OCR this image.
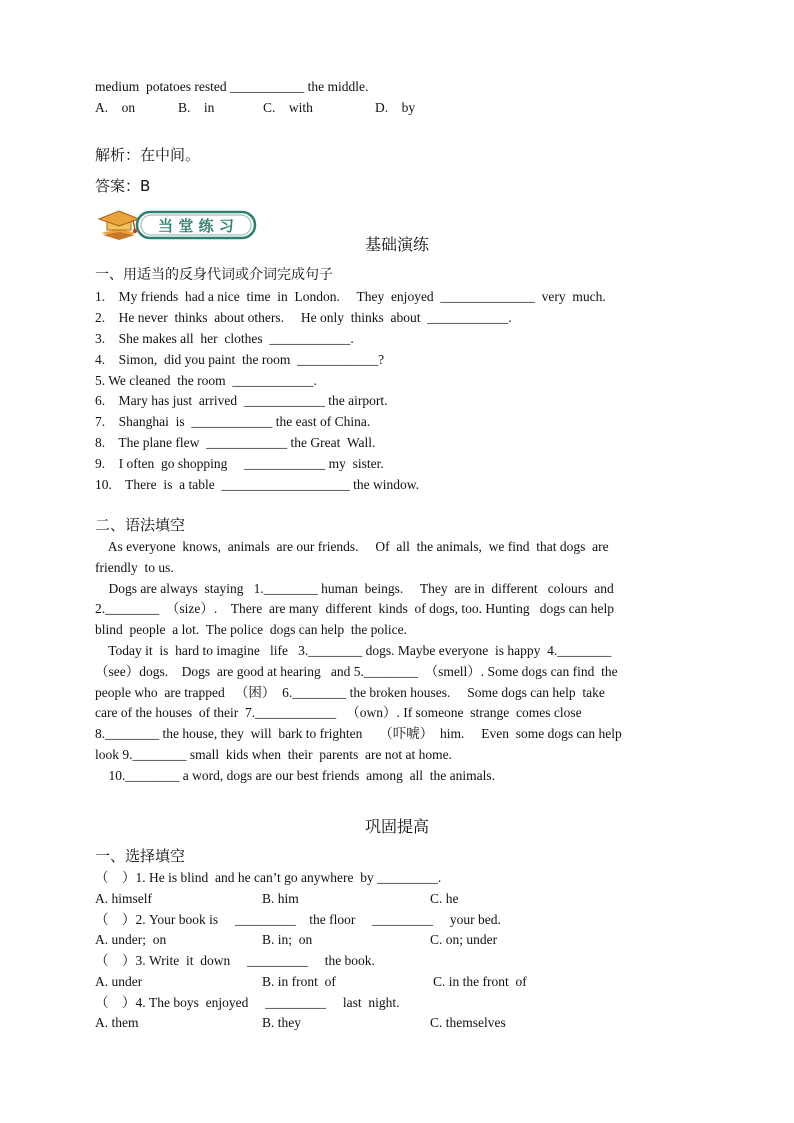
medium  potatoes rested ___________ the middle.
A.    on	B.    in	C.    with	D.    by
解析：在中间。
答案：B
当 堂 练 习
基础演练
一、用适当的反身代词或介词完成句子
1.    My friends  had a nice  time  in  London.     They  enjoyed  ______________  very  much.
2.    He never  thinks  about others.     He only  thinks  about  ____________.
3.    She makes all  her  clothes  ____________.
4.    Simon,  did you paint  the room  ____________?
5. We cleaned  the room  ____________.
6.    Mary has just  arrived  ____________ the airport.
7.    Shanghai  is  ____________ the east of China.
8.    The plane flew  ____________ the Great  Wall.
9.    I often  go shopping     ____________ my  sister.
10.    There  is  a table  ___________________ the window.
二、语法填空
As everyone  knows,  animals  are our friends.     Of  all  the animals,  we find  that dogs  are
friendly  to us.
Dogs are always  staying   1.________ human  beings.     They  are in  different   colours  and
2.________  （size）.    There  are many  different  kinds  of dogs, too. Hunting   dogs can help
blind  people  a lot.  The police  dogs can help  the police.
Today it  is  hard to imagine   life   3.________ dogs. Maybe everyone  is happy  4.________
（see）dogs.    Dogs  are good at hearing   and 5.________  （smell）. Some dogs can find  the
people who  are trapped   （困）  6.________ the broken houses.     Some dogs can help  take
care of the houses  of their  7.____________   （own）. If someone  strange  comes close
8.________ the house, they  will  bark to frighten     （吓唬）  him.     Even  some dogs can help
look 9.________ small  kids when  their  parents  are not at home.
10.________ a word, dogs are our best friends  among  all  the animals.
巩固提高
一、选择填空
（    ）1. He is blind  and he can’t go anywhere  by _________.
A. himself	B. him	C. he
（    ）2. Your book is     _________    the floor     _________     your bed.
A. under;  on	B. in;  on	C. on; under
（    ）3. Write  it  down     _________     the book.
A. under	B. in front  of	C. in the front  of
（    ）4. The boys  enjoyed     _________     last  night.
A. them	B. they	C. themselves
